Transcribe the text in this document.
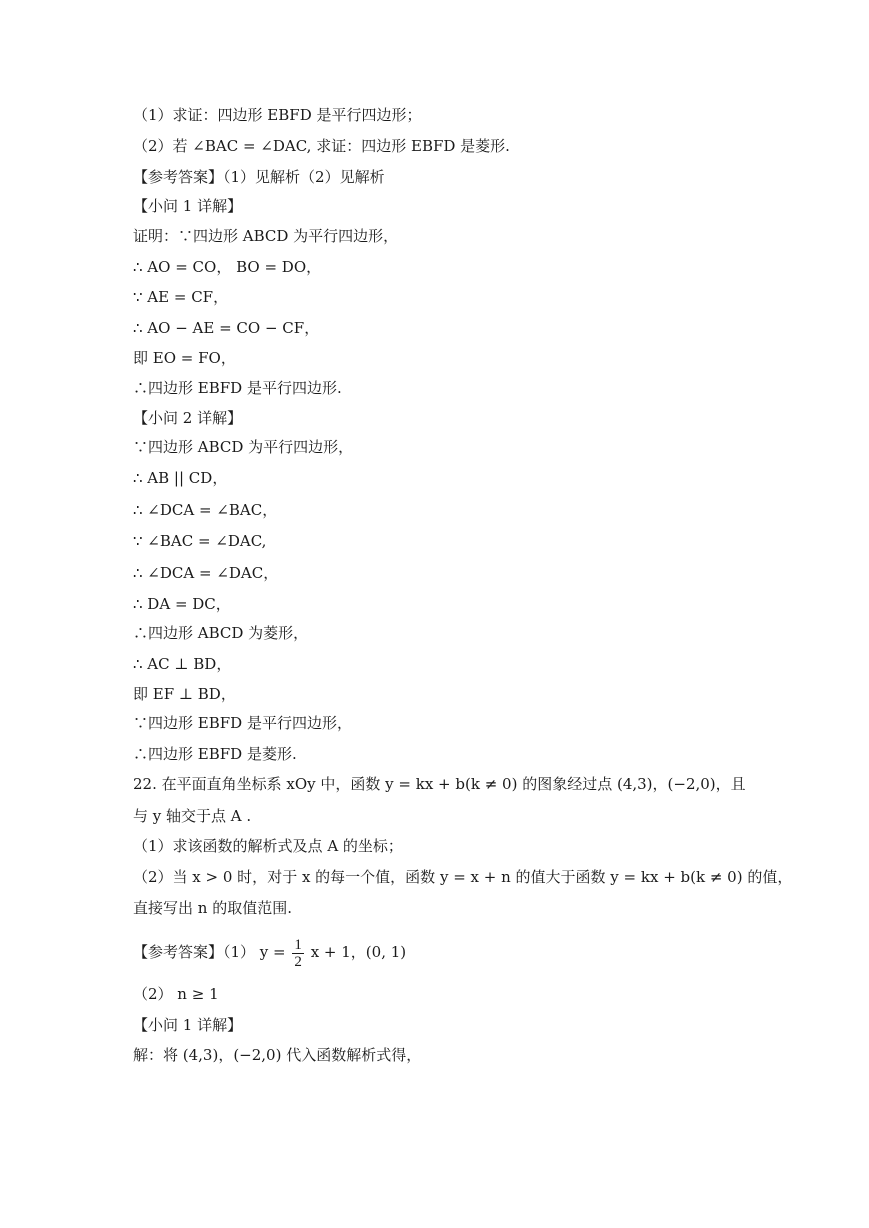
（1）求证：四边形 EBFD 是平行四边形；
（2）若 ∠BAC = ∠DAC, 求证：四边形 EBFD 是菱形.
【参考答案】（1）见解析（2）见解析
【小问 1 详解】
证明：∵四边形 ABCD 为平行四边形，
∴ AO = CO， BO = DO，
∵ AE = CF，
∴ AO − AE = CO − CF，
即 EO = FO，
∴四边形 EBFD 是平行四边形.
【小问 2 详解】
∵四边形 ABCD 为平行四边形，
∴ AB || CD，
∴ ∠DCA = ∠BAC，
∵ ∠BAC = ∠DAC,
∴ ∠DCA = ∠DAC，
∴ DA = DC，
∴四边形 ABCD 为菱形，
∴ AC ⊥ BD，
即 EF ⊥ BD，
∵四边形 EBFD 是平行四边形，
∴四边形 EBFD 是菱形.
22. 在平面直角坐标系 xOy 中，函数 y = kx + b(k ≠ 0) 的图象经过点 (4,3)，(−2,0)，且
与 y 轴交于点 A .
（1）求该函数的解析式及点 A 的坐标；
（2）当 x > 0 时，对于 x 的每一个值，函数 y = x + n 的值大于函数 y = kx + b(k ≠ 0) 的值，
直接写出 n 的取值范围.
【参考答案】（1） $y = \frac{1}{2}$ x + 1，(0, 1)
（2） n ≥ 1
【小问 1 详解】
解：将 (4,3)，(−2,0) 代入函数解析式得，
